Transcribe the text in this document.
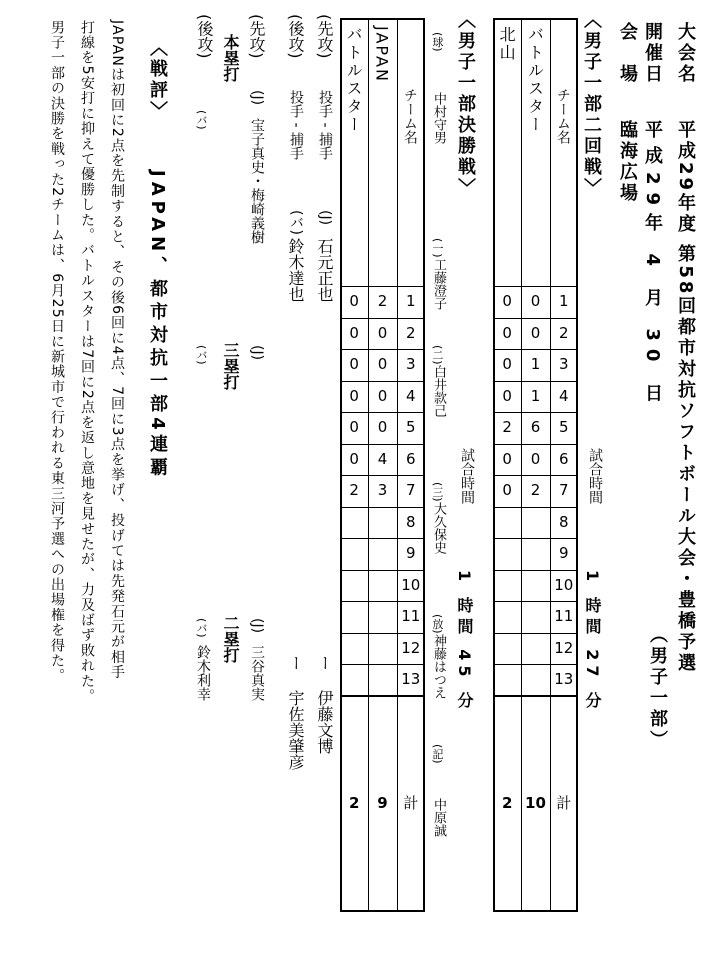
大会名
平成29年度 第58回都市対抗ソフトボール大会・豊橋予選
開催日
平成29年 4 月 30 日
会　場
臨海広場
（男子一部）
〈男子一部二回戦〉
試合時間
1 時間 27 分
〈男子一部決勝戦〉
試合時間
1 時間 45 分
(球)
中村守男
(一)
工藤澄子
(二)
白井款己
(三)
大久保史
(放)
神藤はつえ
(記)
中原誠
(先攻)
投手 - 捕手
(J)
石元正也
ー
伊藤文博
(後攻)
投手 - 捕手
(バ)
鈴木達也
ー
宇佐美肇彦
(先攻)
(J)
宝子真史・梅崎義樹
本塁打
(後攻)
(バ)
(J)
三塁打
(バ)
(J)
三谷真実
二塁打
(バ)
鈴木利幸
〈戦評〉
JAPAN、都市対抗一部4連覇
JAPANは初回に2点を先制すると、その後6回に4点、7回に3点を挙げ、投げては先発石元が相手
打線を5安打に抑えて優勝した。バトルスターは7回に2点を返し意地を見せたが、力及ばず敗れた。
男子一部の決勝を戦った2チームは、6月25日に新城市で行われる東三河予選への出場権を得た。	チーム名
バトルスター
北山
1
0
0
2
0
0
3
1
0
4
1
0
5
6
2
6
0
0
7
2
0
8
9
10
11
12
13
計
10
2
チーム名
JAPAN
バトルスター
1
2
0
2
0
0
3
0
0
4
0
0
5
0
0
6
4
0
7
3
2
8
9
10
11
12
13
計
9
2
